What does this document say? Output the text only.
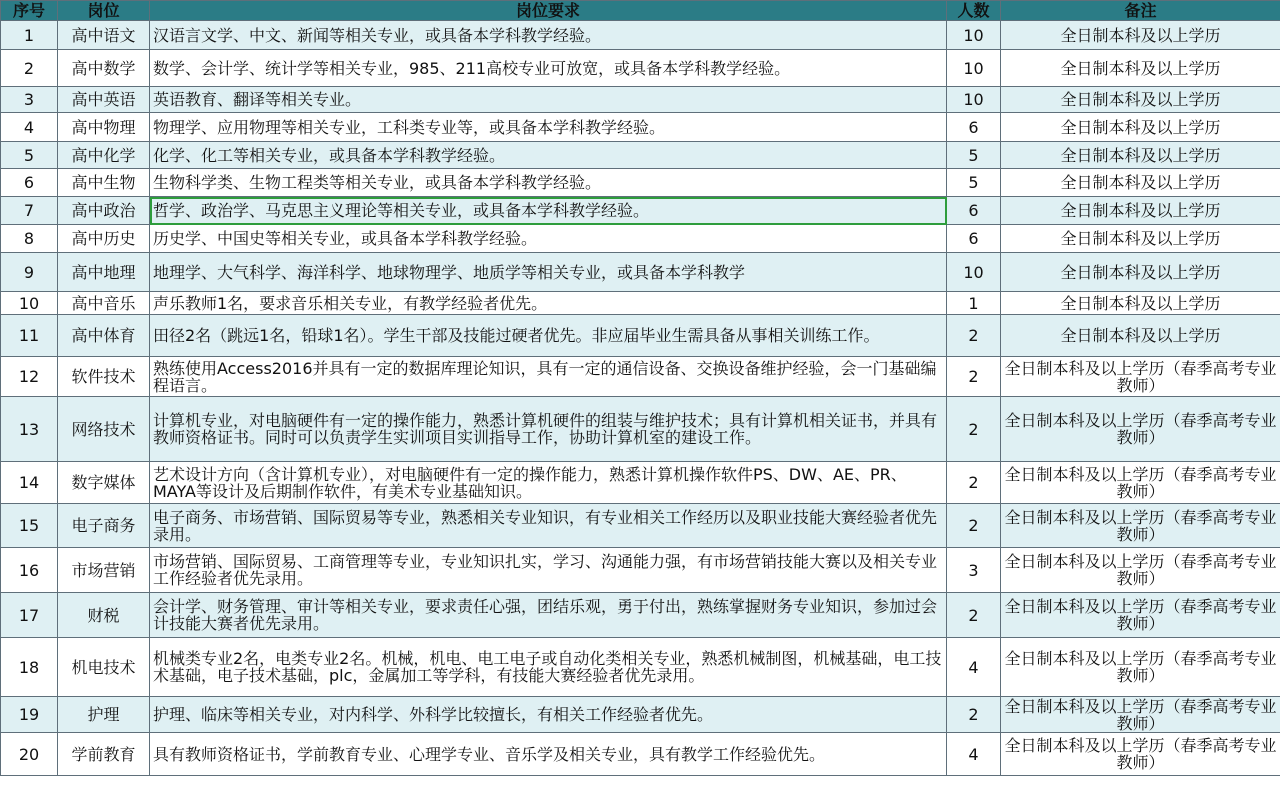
序号	岗位	岗位要求	人数	备注
1	高中语文	汉语言文学、中文、新闻等相关专业，或具备本学科教学经验。	10	全日制本科及以上学历
2	高中数学	数学、会计学、统计学等相关专业，985、211高校专业可放宽，或具备本学科教学经验。	10	全日制本科及以上学历
3	高中英语	英语教育、翻译等相关专业。	10	全日制本科及以上学历
4	高中物理	物理学、应用物理等相关专业，工科类专业等，或具备本学科教学经验。	6	全日制本科及以上学历
5	高中化学	化学、化工等相关专业，或具备本学科教学经验。	5	全日制本科及以上学历
6	高中生物	生物科学类、生物工程类等相关专业，或具备本学科教学经验。	5	全日制本科及以上学历
7	高中政治	哲学、政治学、马克思主义理论等相关专业，或具备本学科教学经验。	6	全日制本科及以上学历
8	高中历史	历史学、中国史等相关专业，或具备本学科教学经验。	6	全日制本科及以上学历
9	高中地理	地理学、大气科学、海洋科学、地球物理学、地质学等相关专业，或具备本学科教学	10	全日制本科及以上学历
10	高中音乐	声乐教师1名，要求音乐相关专业，有教学经验者优先。	1	全日制本科及以上学历
11	高中体育	田径2名（跳远1名，铅球1名）。学生干部及技能过硬者优先。非应届毕业生需具备从事相关训练工作。	2	全日制本科及以上学历
12	软件技术	熟练使用Access2016并具有一定的数据库理论知识，具有一定的通信设备、交换设备维护经验，会一门基础编程语言。	2	全日制本科及以上学历（春季高考专业教师）
13	网络技术	计算机专业，对电脑硬件有一定的操作能力，熟悉计算机硬件的组装与维护技术；具有计算机相关证书，并具有教师资格证书。同时可以负责学生实训项目实训指导工作，协助计算机室的建设工作。	2	全日制本科及以上学历（春季高考专业教师）
14	数字媒体	艺术设计方向（含计算机专业），对电脑硬件有一定的操作能力，熟悉计算机操作软件PS、DW、AE、PR、MAYA等设计及后期制作软件，有美术专业基础知识。	2	全日制本科及以上学历（春季高考专业教师）
15	电子商务	电子商务、市场营销、国际贸易等专业，熟悉相关专业知识，有专业相关工作经历以及职业技能大赛经验者优先录用。	2	全日制本科及以上学历（春季高考专业教师）
16	市场营销	市场营销、国际贸易、工商管理等专业，专业知识扎实，学习、沟通能力强，有市场营销技能大赛以及相关专业工作经验者优先录用。	3	全日制本科及以上学历（春季高考专业教师）
17	财税	会计学、财务管理、审计等相关专业，要求责任心强，团结乐观，勇于付出，熟练掌握财务专业知识，参加过会计技能大赛者优先录用。	2	全日制本科及以上学历（春季高考专业教师）
18	机电技术	机械类专业2名，电类专业2名。机械，机电、电工电子或自动化类相关专业，熟悉机械制图，机械基础，电工技术基础，电子技术基础，plc，金属加工等学科，有技能大赛经验者优先录用。	4	全日制本科及以上学历（春季高考专业教师）
19	护理	护理、临床等相关专业，对内科学、外科学比较擅长，有相关工作经验者优先。	2	全日制本科及以上学历（春季高考专业教师）
20	学前教育	具有教师资格证书，学前教育专业、心理学专业、音乐学及相关专业，具有教学工作经验优先。	4	全日制本科及以上学历（春季高考专业教师）
